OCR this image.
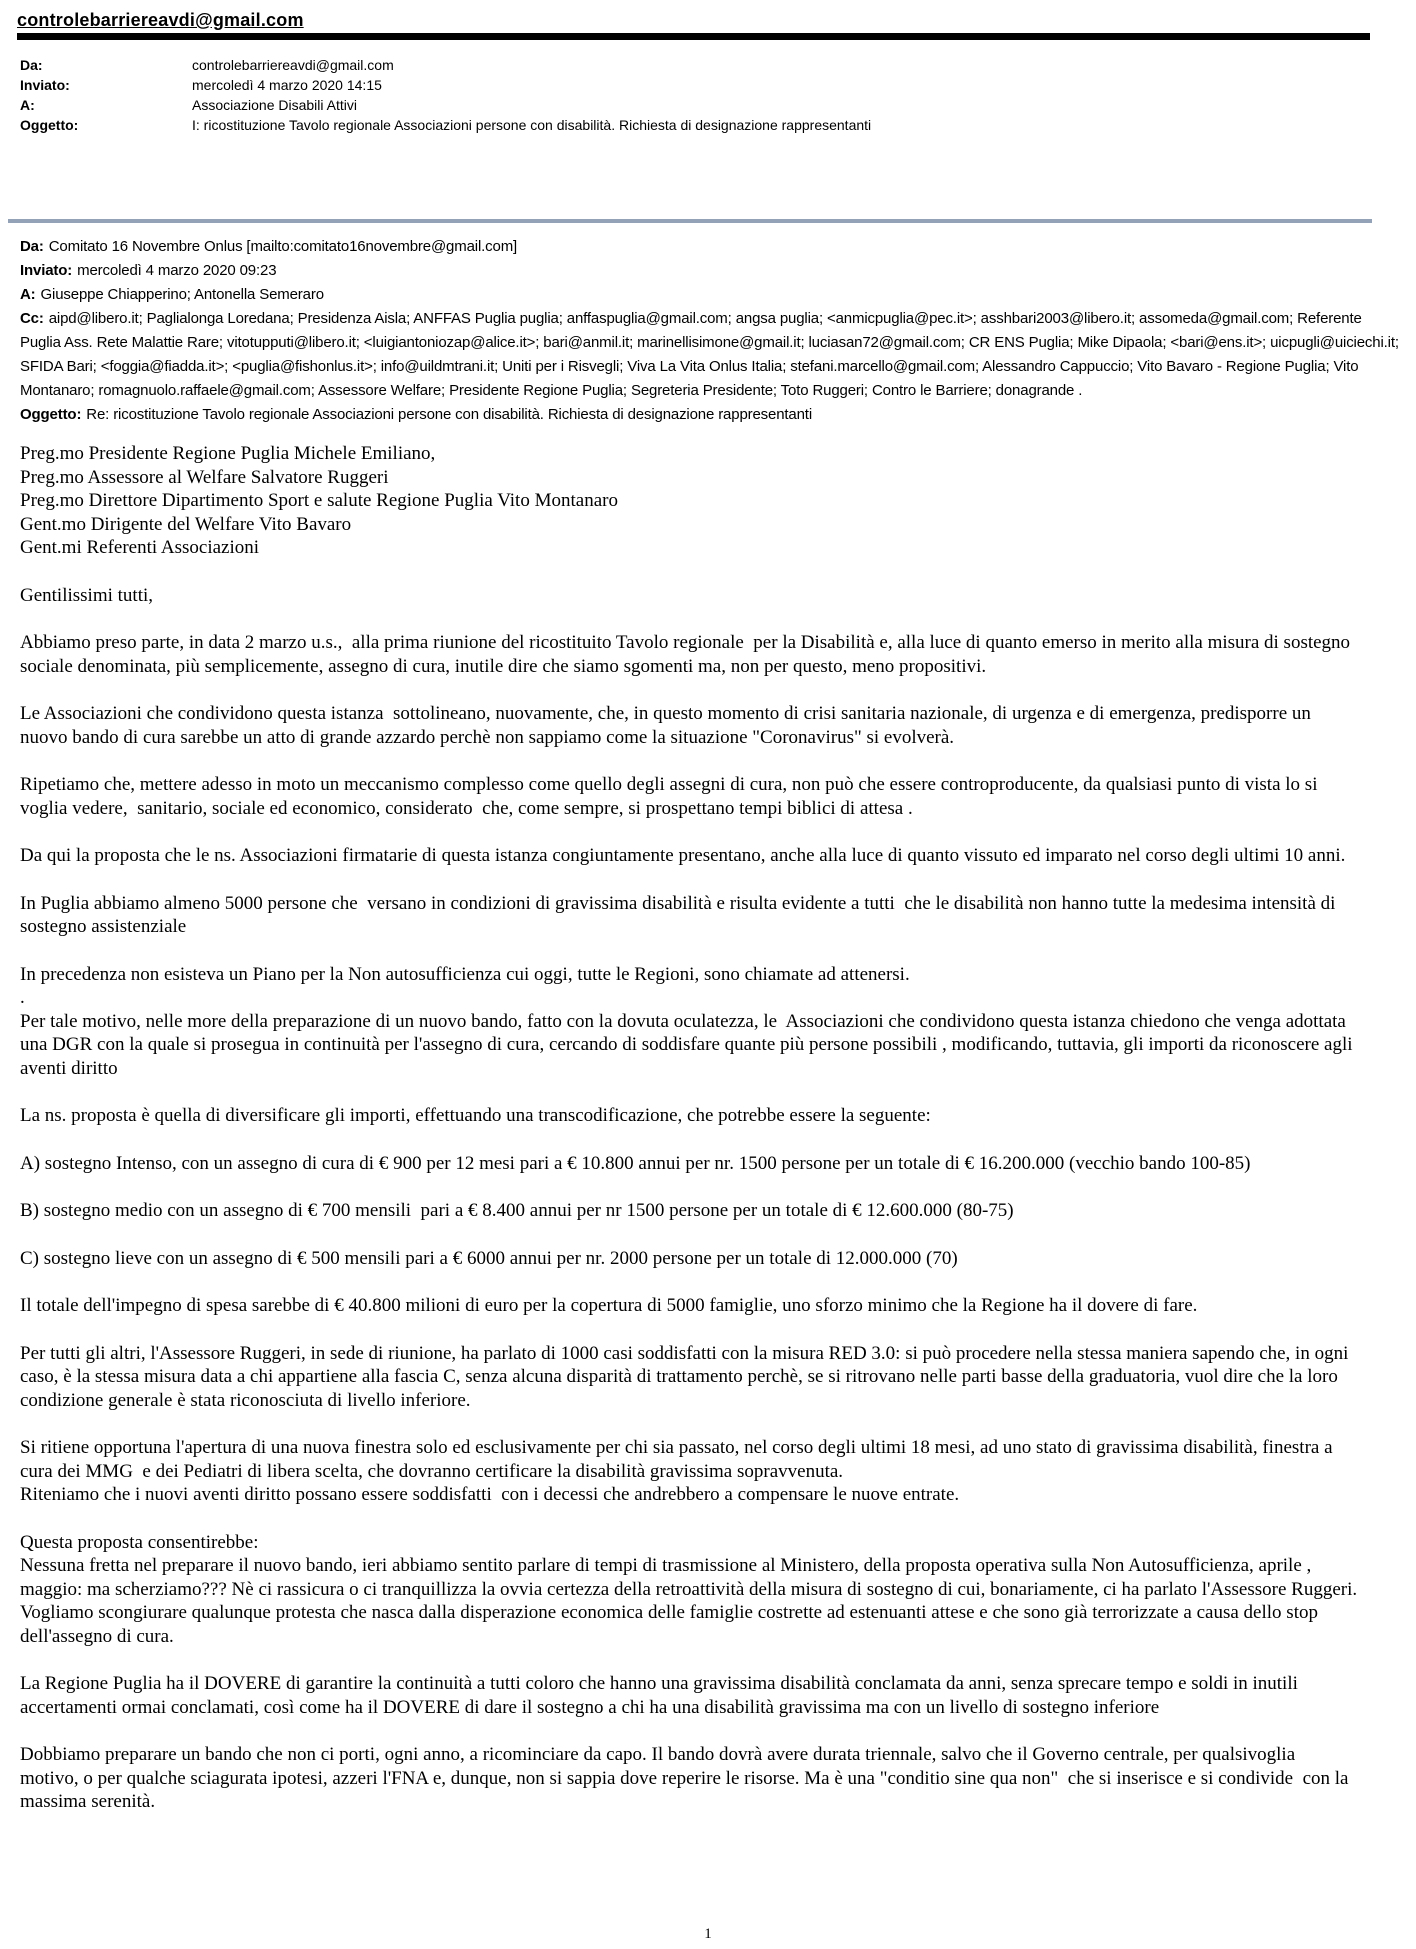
controlebarriereavdi@gmail.com
Da:	controlebarriereavdi@gmail.com
Inviato:	mercoledì 4 marzo 2020 14:15
A:	Associazione Disabili Attivi
Oggetto:	I: ricostituzione Tavolo regionale Associazioni persone con disabilità. Richiesta di designazione rappresentanti

Da: Comitato 16 Novembre Onlus [mailto:comitato16novembre@gmail.com]

Inviato: mercoledì 4 marzo 2020 09:23

A: Giuseppe Chiapperino; Antonella Semeraro

Cc: aipd@libero.it; Paglialonga Loredana; Presidenza Aisla; ANFFAS Puglia puglia; anffaspuglia@gmail.com; angsa puglia; <anmicpuglia@pec.it>; asshbari2003@libero.it; assomeda@gmail.com; Referente Puglia Ass. Rete Malattie Rare; vitotupputi@libero.it; <luigiantoniozap@alice.it>; bari@anmil.it; marinellisimone@gmail.it; luciasan72@gmail.com; CR ENS Puglia; Mike Dipaola; <bari@ens.it>; uicpugli@uiciechi.it; SFIDA Bari; <foggia@fiadda.it>; <puglia@fishonlus.it>; info@uildmtrani.it; Uniti per i Risvegli; Viva La Vita Onlus Italia; stefani.marcello@gmail.com; Alessandro Cappuccio; Vito Bavaro - Regione Puglia; Vito Montanaro; romagnuolo.raffaele@gmail.com; Assessore Welfare; Presidente Regione Puglia; Segreteria Presidente; Toto Ruggeri; Contro le Barriere; donagrande .

Oggetto: Re: ricostituzione Tavolo regionale Associazioni persone con disabilità. Richiesta di designazione rappresentanti

Preg.mo Presidente Regione Puglia Michele Emiliano,

Preg.mo Assessore al Welfare Salvatore Ruggeri

Preg.mo Direttore Dipartimento Sport e salute Regione Puglia Vito Montanaro

Gent.mo Dirigente del Welfare Vito Bavaro

Gent.mi Referenti Associazioni

Gentilissimi tutti,

Abbiamo preso parte, in data 2 marzo u.s.,  alla prima riunione del ricostituito Tavolo regionale  per la Disabilità e, alla luce di quanto emerso in merito alla misura di sostegno sociale denominata, più semplicemente, assegno di cura, inutile dire che siamo sgomenti ma, non per questo, meno propositivi.

Le Associazioni che condividono questa istanza  sottolineano, nuovamente, che, in questo momento di crisi sanitaria nazionale, di urgenza e di emergenza, predisporre un nuovo bando di cura sarebbe un atto di grande azzardo perchè non sappiamo come la situazione "Coronavirus" si evolverà.

Ripetiamo che, mettere adesso in moto un meccanismo complesso come quello degli assegni di cura, non può che essere controproducente, da qualsiasi punto di vista lo si voglia vedere,  sanitario, sociale ed economico, considerato  che, come sempre, si prospettano tempi biblici di attesa .

Da qui la proposta che le ns. Associazioni firmatarie di questa istanza congiuntamente presentano, anche alla luce di quanto vissuto ed imparato nel corso degli ultimi 10 anni.

In Puglia abbiamo almeno 5000 persone che  versano in condizioni di gravissima disabilità e risulta evidente a tutti  che le disabilità non hanno tutte la medesima intensità di sostegno assistenziale

In precedenza non esisteva un Piano per la Non autosufficienza cui oggi, tutte le Regioni, sono chiamate ad attenersi.

.

Per tale motivo, nelle more della preparazione di un nuovo bando, fatto con la dovuta oculatezza, le  Associazioni che condividono questa istanza chiedono che venga adottata una DGR con la quale si prosegua in continuità per l'assegno di cura, cercando di soddisfare quante più persone possibili , modificando, tuttavia, gli importi da riconoscere agli aventi diritto

La ns. proposta è quella di diversificare gli importi, effettuando una transcodificazione, che potrebbe essere la seguente:

A) sostegno Intenso, con un assegno di cura di € 900 per 12 mesi pari a € 10.800 annui per nr. 1500 persone per un totale di € 16.200.000 (vecchio bando 100-85)

B) sostegno medio con un assegno di € 700 mensili  pari a € 8.400 annui per nr 1500 persone per un totale di € 12.600.000 (80-75)

C) sostegno lieve con un assegno di € 500 mensili pari a € 6000 annui per nr. 2000 persone per un totale di 12.000.000 (70)

Il totale dell'impegno di spesa sarebbe di € 40.800 milioni di euro per la copertura di 5000 famiglie, uno sforzo minimo che la Regione ha il dovere di fare.

Per tutti gli altri, l'Assessore Ruggeri, in sede di riunione, ha parlato di 1000 casi soddisfatti con la misura RED 3.0: si può procedere nella stessa maniera sapendo che, in ogni caso, è la stessa misura data a chi appartiene alla fascia C, senza alcuna disparità di trattamento perchè, se si ritrovano nelle parti basse della graduatoria, vuol dire che la loro condizione generale è stata riconosciuta di livello inferiore.

Si ritiene opportuna l'apertura di una nuova finestra solo ed esclusivamente per chi sia passato, nel corso degli ultimi 18 mesi, ad uno stato di gravissima disabilità, finestra a cura dei MMG  e dei Pediatri di libera scelta, che dovranno certificare la disabilità gravissima sopravvenuta.

Riteniamo che i nuovi aventi diritto possano essere soddisfatti  con i decessi che andrebbero a compensare le nuove entrate.

Questa proposta consentirebbe:

Nessuna fretta nel preparare il nuovo bando, ieri abbiamo sentito parlare di tempi di trasmissione al Ministero, della proposta operativa sulla Non Autosufficienza, aprile , maggio: ma scherziamo??? Nè ci rassicura o ci tranquillizza la ovvia certezza della retroattività della misura di sostegno di cui, bonariamente, ci ha parlato l'Assessore Ruggeri. Vogliamo scongiurare qualunque protesta che nasca dalla disperazione economica delle famiglie costrette ad estenuanti attese e che sono già terrorizzate a causa dello stop dell'assegno di cura.

La Regione Puglia ha il DOVERE di garantire la continuità a tutti coloro che hanno una gravissima disabilità conclamata da anni, senza sprecare tempo e soldi in inutili accertamenti ormai conclamati, così come ha il DOVERE di dare il sostegno a chi ha una disabilità gravissima ma con un livello di sostegno inferiore

Dobbiamo preparare un bando che non ci porti, ogni anno, a ricominciare da capo. Il bando dovrà avere durata triennale, salvo che il Governo centrale, per qualsivoglia motivo, o per qualche sciagurata ipotesi, azzeri l'FNA e, dunque, non si sappia dove reperire le risorse. Ma è una "conditio sine qua non"  che si inserisce e si condivide  con la massima serenità.

1
